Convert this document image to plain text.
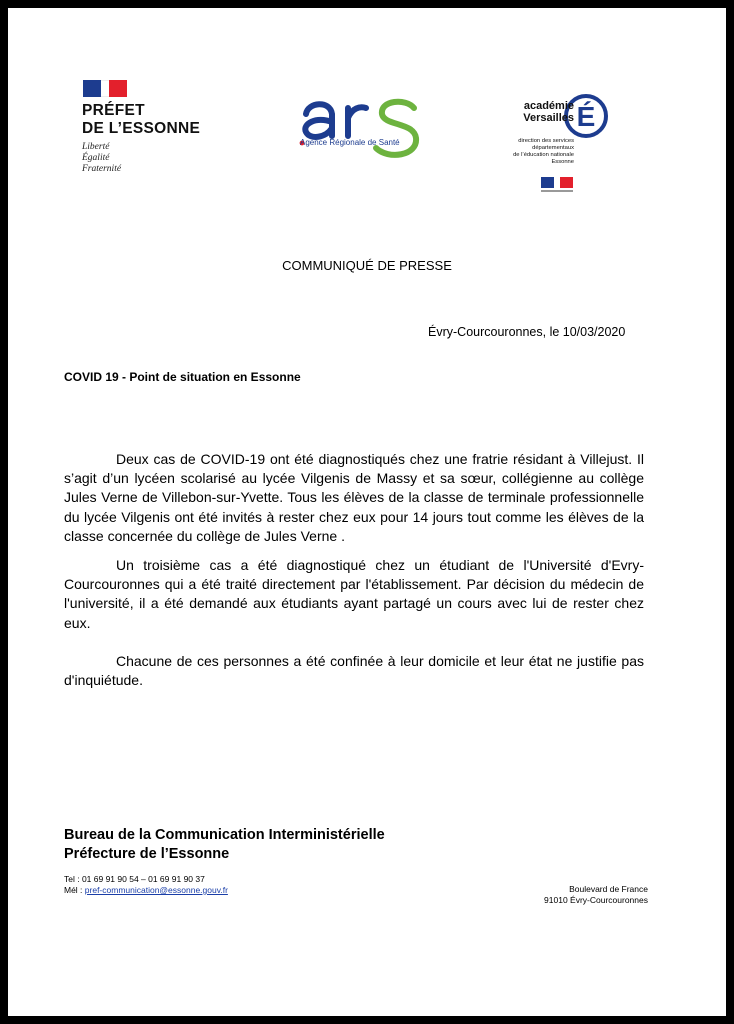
PRÉFET
DE L’ESSONNE
Liberté
Égalité
Fraternité
Agence Régionale de Santé
É
académie
Versailles
direction des services
départementaux
de l’éducation nationale
Essonne
COMMUNIQUÉ DE PRESSE
Évry-Courcouronnes, le 10/03/2020
COVID 19 - Point de situation en Essonne

Deux cas de COVID-19 ont été diagnostiqués chez une fratrie résidant à Villejust. Il s’agit d’un lycéen scolarisé au lycée Vilgenis de Massy et sa sœur, collégienne au collège Jules Verne de Villebon-sur-Yvette. Tous les élèves de la classe de terminale professionnelle du lycée Vilgenis ont été invités à rester chez eux pour 14 jours tout comme les élèves de la classe concernée du collège de Jules Verne .

Un troisième cas a été diagnostiqué chez un étudiant de l'Université d'Evry-Courcouronnes qui a été traité directement par l'établissement. Par décision du médecin de l'université, il a été demandé aux étudiants ayant partagé un cours avec lui de rester chez eux.

Chacune de ces personnes a été confinée à leur domicile et leur état ne justifie pas d'inquiétude.

Bureau de la Communication Interministérielle
Préfecture de l’Essonne
Tel : 01 69 91 90 54 – 01 69 91 90 37
Mél : pref-communication@essonne.gouv.fr	Boulevard de France
91010 Évry-Courcouronnes
